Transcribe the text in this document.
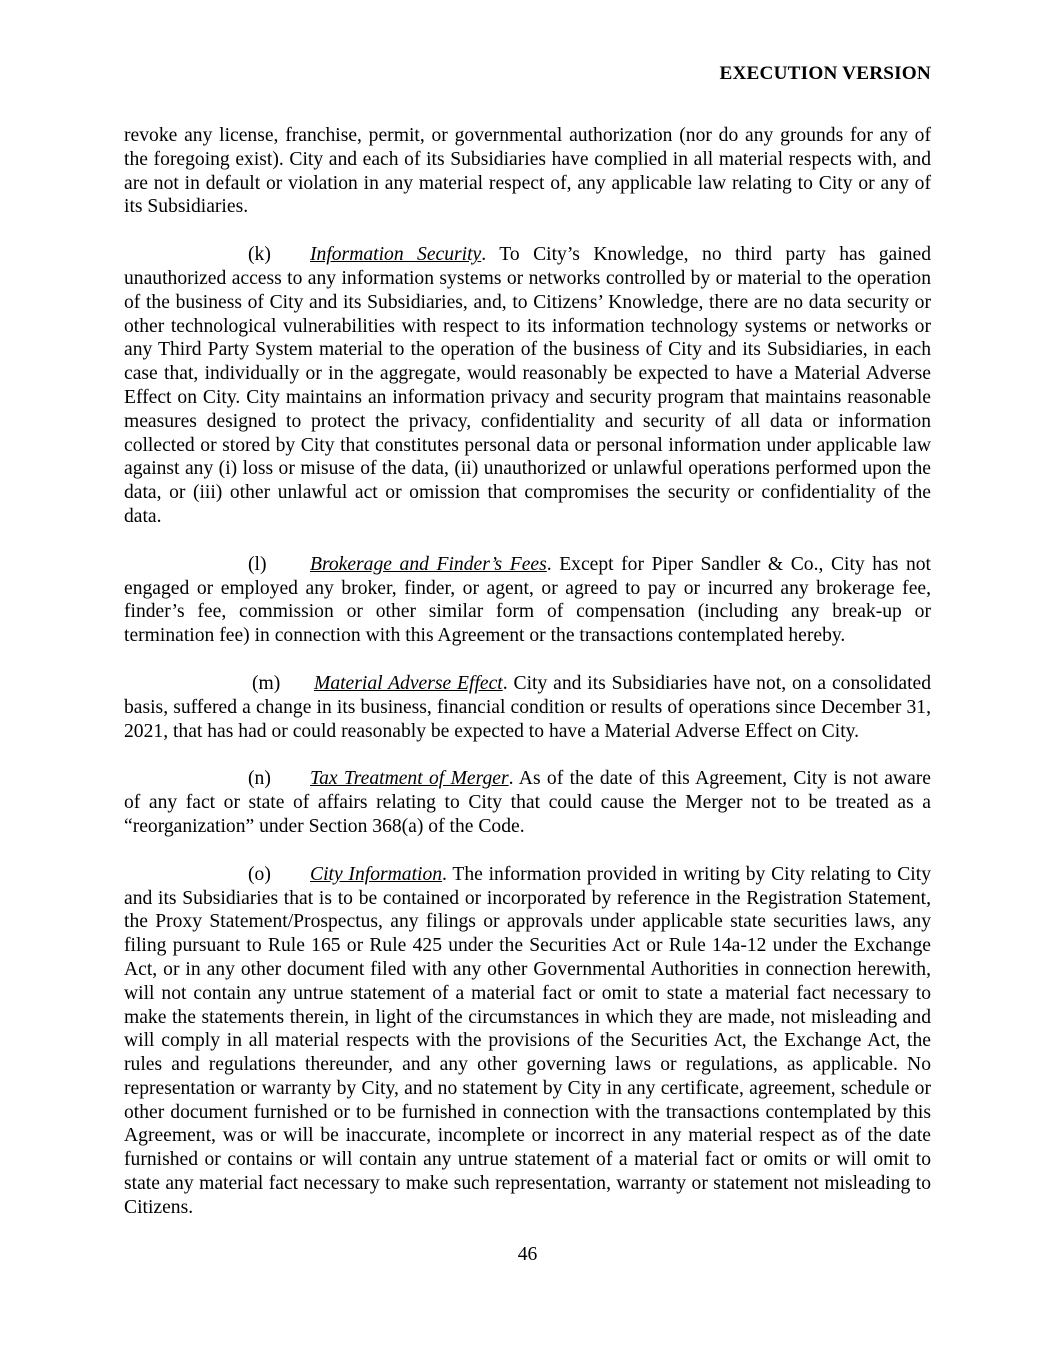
EXECUTION VERSION

revoke any license, franchise, permit, or governmental authorization (nor do any grounds for any of the foregoing exist). City and each of its Subsidiaries have complied in all material respects with, and are not in default or violation in any material respect of, any applicable law relating to City or any of its Subsidiaries.

(k) Information Security. To City’s Knowledge, no third party has gained unauthorized access to any information systems or networks controlled by or material to the operation of the business of City and its Subsidiaries, and, to Citizens’ Knowledge, there are no data security or other technological vulnerabilities with respect to its information technology systems or networks or any Third Party System material to the operation of the business of City and its Subsidiaries, in each case that, individually or in the aggregate, would reasonably be expected to have a Material Adverse Effect on City. City maintains an information privacy and security program that maintains reasonable measures designed to protect the privacy, confidentiality and security of all data or information collected or stored by City that constitutes personal data or personal information under applicable law against any (i) loss or misuse of the data, (ii) unauthorized or unlawful operations performed upon the data, or (iii) other unlawful act or omission that compromises the security or confidentiality of the data.

(l) Brokerage and Finder’s Fees. Except for Piper Sandler & Co., City has not engaged or employed any broker, finder, or agent, or agreed to pay or incurred any brokerage fee, finder’s fee, commission or other similar form of compensation (including any break-up or termination fee) in connection with this Agreement or the transactions contemplated hereby.

(m) Material Adverse Effect. City and its Subsidiaries have not, on a consolidated basis, suffered a change in its business, financial condition or results of operations since December 31, 2021, that has had or could reasonably be expected to have a Material Adverse Effect on City.

(n) Tax Treatment of Merger. As of the date of this Agreement, City is not aware of any fact or state of affairs relating to City that could cause the Merger not to be treated as a “reorganization” under Section 368(a) of the Code.

(o) City Information. The information provided in writing by City relating to City and its Subsidiaries that is to be contained or incorporated by reference in the Registration Statement, the Proxy Statement/Prospectus, any filings or approvals under applicable state securities laws, any filing pursuant to Rule 165 or Rule 425 under the Securities Act or Rule 14a-12 under the Exchange Act, or in any other document filed with any other Governmental Authorities in connection herewith, will not contain any untrue statement of a material fact or omit to state a material fact necessary to make the statements therein, in light of the circumstances in which they are made, not misleading and will comply in all material respects with the provisions of the Securities Act, the Exchange Act, the rules and regulations thereunder, and any other governing laws or regulations, as applicable. No representation or warranty by City, and no statement by City in any certificate, agreement, schedule or other document furnished or to be furnished in connection with the transactions contemplated by this Agreement, was or will be inaccurate, incomplete or incorrect in any material respect as of the date furnished or contains or will contain any untrue statement of a material fact or omits or will omit to state any material fact necessary to make such representation, warranty or statement not misleading to Citizens.

46
